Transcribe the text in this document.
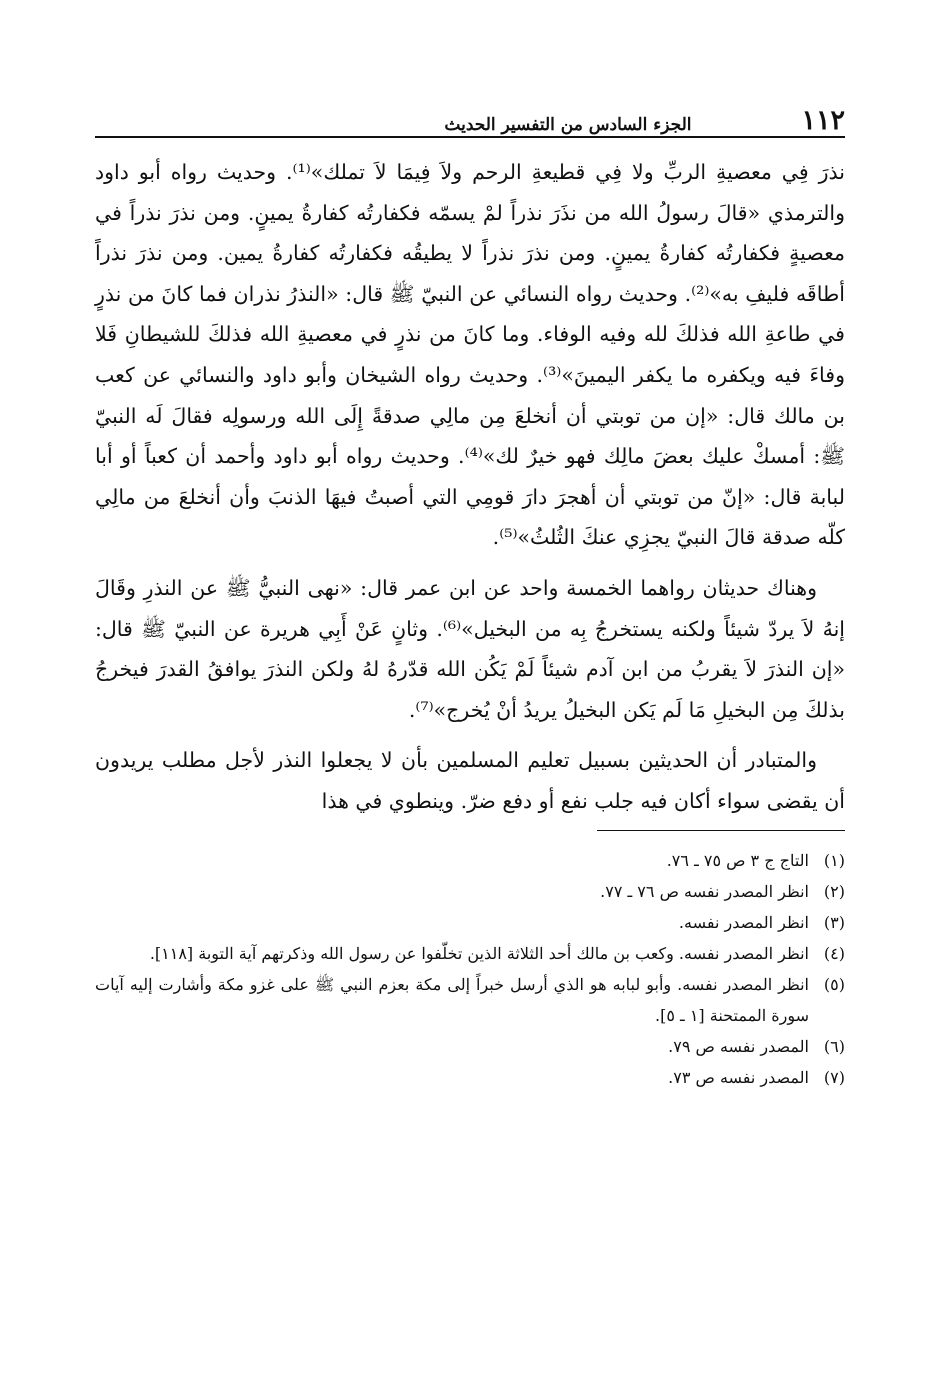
١١٢
الجزء السادس من التفسير الحديث

نذرَ فِي معصيةِ الربِّ ولا فِي قطيعةِ الرحم ولاَ فِيمَا لاَ تملك»⁽¹⁾. وحديث رواه أبو داود والترمذي «قالَ رسولُ الله من نذَرَ نذراً لمْ يسمّه فكفارتُه كفارةُ يمينٍ. ومن نذرَ نذراً في معصيةٍ فكفارتُه كفارةُ يمينٍ. ومن نذرَ نذراً لا يطيقُه فكفارتُه كفارةُ يمين. ومن نذرَ نذراً أطاقَه فليفِ به»⁽²⁾. وحديث رواه النسائي عن النبيّ ﷺ قال: «النذرُ نذران فما كانَ من نذرٍ في طاعةِ الله فذلكَ لله وفيه الوفاء. وما كانَ من نذرٍ في معصيةِ الله فذلكَ للشيطانِ فَلا وفاءَ فيه ويكفره ما يكفر اليمينَ»⁽³⁾. وحديث رواه الشيخان وأبو داود والنسائي عن كعب بن مالك قال: «إن من توبتي أن أنخلعَ مِن مالِي صدقةً إِلَى الله ورسولِه فقالَ لَه النبيّ ﷺ: أمسكْ عليك بعضَ مالِك فهو خيرٌ لك»⁽⁴⁾. وحديث رواه أبو داود وأحمد أن كعباً أو أبا لبابة قال: «إنّ من توبتي أن أهجرَ دارَ قومِي التي أصبتُ فيهَا الذنبَ وأن أنخلعَ من مالِي كلّه صدقة قالَ النبيّ يجزِي عنكَ الثُلثُ»⁽⁵⁾.

وهناك حديثان رواهما الخمسة واحد عن ابن عمر قال: «نهى النبيُّ ﷺ عن النذرِ وقَالَ إنهُ لاَ يردّ شيئاً ولكنه يستخرجُ بِه من البخيل»⁽⁶⁾. وثانٍ عَنْ أَبِي هريرة عن النبيّ ﷺ قال: «إن النذرَ لاَ يقربُ من ابن آدم شيئاً لَمْ يَكُن الله قدّرهُ لهُ ولكن النذرَ يوافقُ القدرَ فيخرجُ بذلكَ مِن البخيلِ مَا لَم يَكن البخيلُ يريدُ أنْ يُخرج»⁽⁷⁾.

والمتبادر أن الحديثين بسبيل تعليم المسلمين بأن لا يجعلوا النذر لأجل مطلب يريدون أن يقضى سواء أكان فيه جلب نفع أو دفع ضرّ. وينطوي في هذا

(١)
التاج ج ٣ ص ٧٥ ـ ٧٦.
(٢)
انظر المصدر نفسه ص ٧٦ ـ ٧٧.
(٣)
انظر المصدر نفسه.
(٤)
انظر المصدر نفسه. وكعب بن مالك أحد الثلاثة الذين تخلّفوا عن رسول الله وذكرتهم آية التوبة [١١٨].
(٥)
انظر المصدر نفسه. وأبو لبابه هو الذي أرسل خبراً إلى مكة بعزم النبي ﷺ على غزو مكة وأشارت إليه آيات سورة الممتحنة [١ ـ ٥].
(٦)
المصدر نفسه ص ٧٩.
(٧)
المصدر نفسه ص ٧٣.
